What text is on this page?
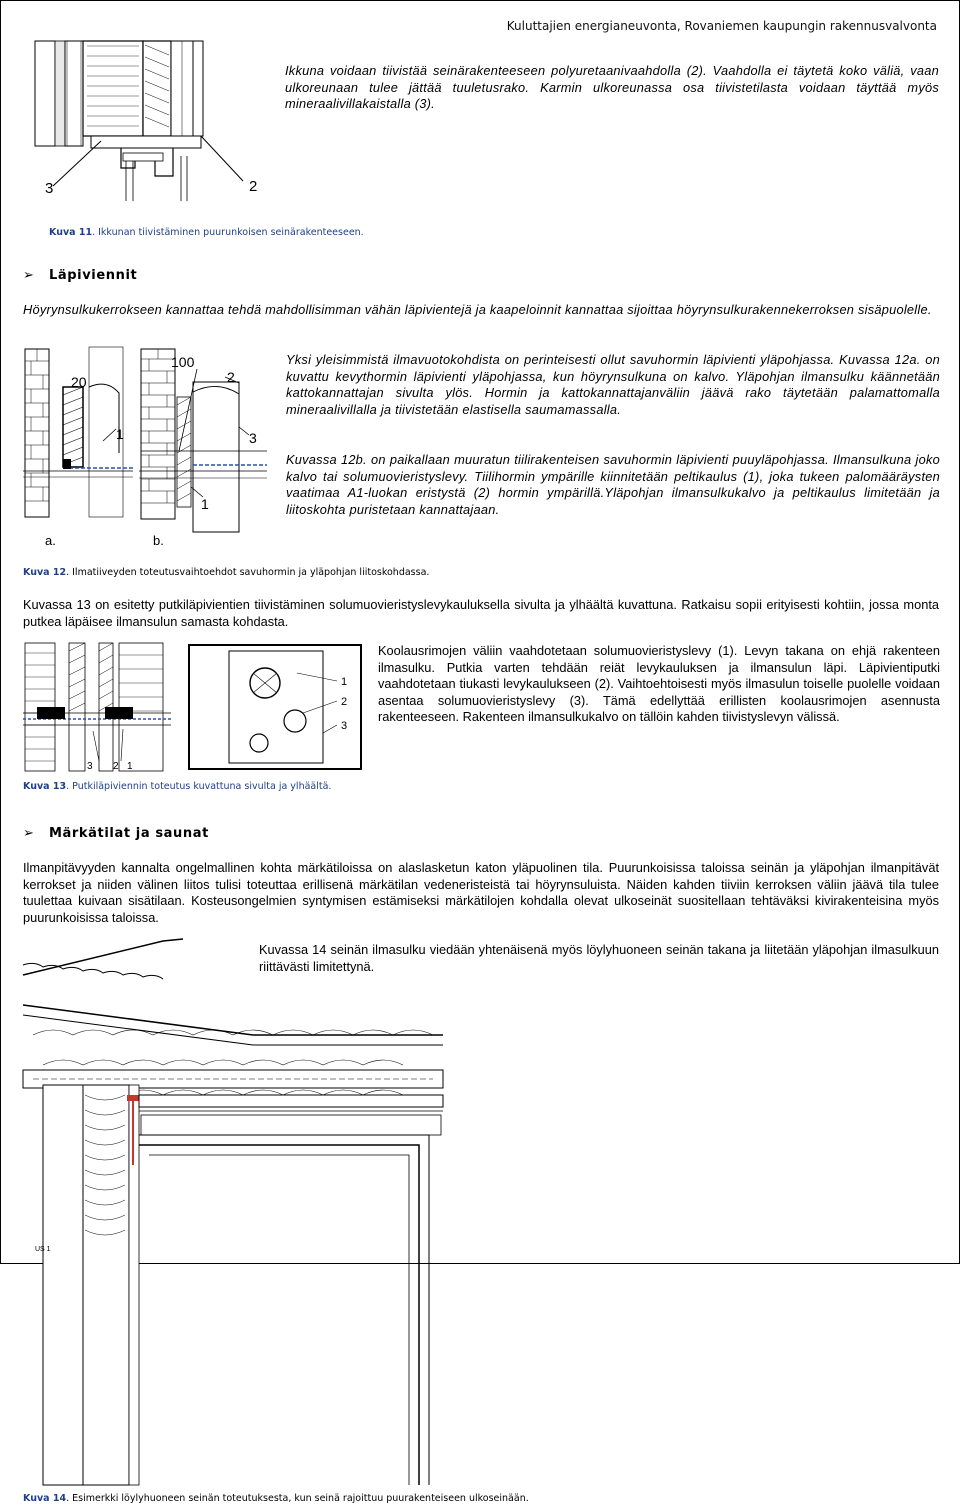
Kuluttajien energianeuvonta, Rovaniemen kaupungin rakennusvalvonta
3	2
Ikkuna voidaan tiivistää seinärakenteeseen polyuretaanivaahdolla (2). Vaahdolla ei täytetä koko väliä, vaan ulkoreunaan tulee jättää tuuletusrako. Karmin ulkoreunassa osa tiivistetilasta voidaan täyttää myös mineraalivillakaistalla (3).
Kuva 11. Ikkunan tiivistäminen puurunkoisen seinärakenteeseen.
➢ Läpiviennit
Höyrynsulkukerrokseen kannattaa tehdä mahdollisimman vähän läpivientejä ja kaapeloinnit kannattaa sijoittaa höyrynsulkurakennekerroksen sisäpuolelle.
20
1
100
2
3
1
a.	b.
Yksi yleisimmistä ilmavuotokohdista on perinteisesti ollut savuhormin läpivienti yläpohjassa. Kuvassa 12a. on kuvattu kevythormin läpivienti yläpohjassa, kun höyrynsulkuna on kalvo. Yläpohjan ilmansulku käännetään kattokannattajan sivulta ylös. Hormin ja kattokannattajanväliin jäävä rako täytetään palamattomalla mineraalivillalla ja tiivistetään elastisella saumamassalla.
Kuvassa 12b. on paikallaan muuratun tiilirakenteisen savuhormin läpivienti puuyläpohjassa. Ilmansulkuna joko kalvo tai solumuovieristyslevy. Tiilihormin ympärille kiinnitetään peltikaulus (1), joka tukeen palomääräysten vaatimaa A1-luokan eristystä (2) hormin ympärillä.Yläpohjan ilmansulkukalvo ja peltikaulus limitetään ja liitoskohta puristetaan kannattajaan.
Kuva 12. Ilmatiiveyden toteutusvaihtoehdot savuhormin ja yläpohjan liitoskohdassa.
Kuvassa 13 on esitetty putkiläpivientien tiivistäminen solumuovieristyslevykauluksella sivulta ja ylhäältä kuvattuna. Ratkaisu sopii erityisesti kohtiin, jossa monta putkea läpäisee ilmansulun samasta kohdasta.
3 2 1
1
2
3
Koolausrimojen väliin vaahdotetaan solumuovieristyslevy (1). Levyn takana on ehjä rakenteen ilmasulku. Putkia varten tehdään reiät levykauluksen ja ilmansulun läpi. Läpivientiputki vaahdotetaan tiukasti levykaulukseen (2). Vaihtoehtoisesti myös ilmasulun toiselle puolelle voidaan asentaa solumuovieristyslevy (3). Tämä edellyttää erillisten koolausrimojen asennusta rakenteeseen. Rakenteen ilmansulkukalvo on tällöin kahden tiivistyslevyn välissä.
Kuva 13. Putkiläpiviennin toteutus kuvattuna sivulta ja ylhäältä.
➢ Märkätilat ja saunat
Ilmanpitävyyden kannalta ongelmallinen kohta märkätiloissa on alaslasketun katon yläpuolinen tila. Puurunkoisissa taloissa seinän ja yläpohjan ilmanpitävät kerrokset ja niiden välinen liitos tulisi toteuttaa erillisenä märkätilan vedeneristeistä tai höyrynsuluista. Näiden kahden tiiviin kerroksen väliin jäävä tila tulee tuulettaa kuivaan sisätilaan. Kosteusongelmien syntymisen estämiseksi märkätilojen kohdalla olevat ulkoseinät suositellaan tehtäväksi kivirakenteisina myös puurunkoisissa taloissa.
US 1
Kuvassa 14 seinän ilmasulku viedään yhtenäisenä myös löylyhuoneen seinän takana ja liitetään yläpohjan ilmasulkuun riittävästi limitettynä.
Kuva 14. Esimerkki löylyhuoneen seinän toteutuksesta, kun seinä rajoittuu puurakenteiseen ulkoseinään.
